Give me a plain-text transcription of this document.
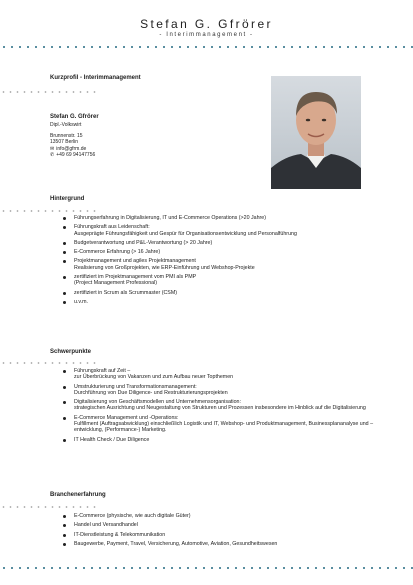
Stefan G. Gfrörer
- Interimmanagement -
Kurzprofil - Interimmanagement
Stefan G. Gfrörer
Dipl.-Volkswirt
Brunnenstr. 15
13507 Berlin
✉ info@gfrm.de
✆ +49 69 94147756
Hintergrund
Führungserfahrung in Digitalisierung, IT und E-Commerce Operations (>20 Jahre)
Führungskraft aus Leidenschaft:
Ausgeprägte Führungsfähigkeit und Gespür für Organisationsentwicklung und Personalführung
Budgetverantwortung und P&L-Verantwortung (> 20 Jahre)
E-Commerce Erfahrung (> 16 Jahre)
Projektmanagement und agiles Projektmanagement
Realisierung von Großprojekten, wie ERP-Einführung und Webshop-Projekte
zertifiziert im Projektmanagement vom PMI als PMP
(Project Management Professional)
zertifiziert in Scrum als Scrummaster (CSM)
u.v.m.
Schwerpunkte
Führungskraft auf Zeit –
zur Überbrückung von Vakanzen und zum Aufbau neuer Topthemen
Umstrukturierung und Transformationsmanagement:
Durchführung von Due Diligence- und Restrukturierungsprojekten
Digitalisierung von Geschäftsmodellen und Unternehmensorganisation:
strategischen Ausrichtung und Neugestaltung von Strukturen und Prozessen insbesondere im Hinblick auf die Digitalisierung
E-Commerce Management und -Operations:
Fulfillment (Auftragsabwicklung) einschließlich Logistik und IT, Webshop- und Produktmanagement, Businessplananalyse und –entwicklung, (Performance-) Marketing.
IT Health Check / Due Diligence
Branchenerfahrung
E-Commerce (physische, wie auch digitale Güter)
Handel und Versandhandel
IT-Dienstleistung & Telekommunikation
Baugewerbe, Payment, Travel, Versicherung, Automotive, Aviation, Gesundheitswesen
